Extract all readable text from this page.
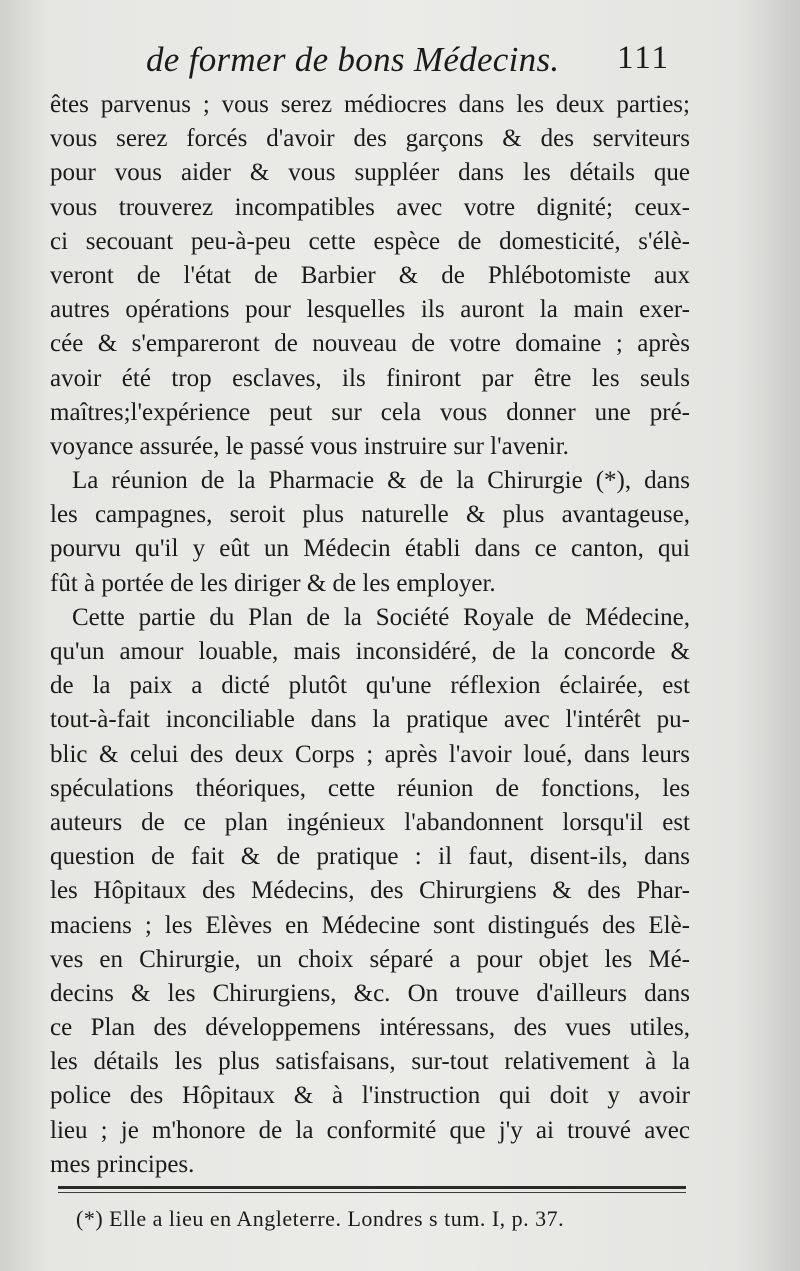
de former de bons Médecins. 111
êtes parvenus ; vous serez médiocres dans les deux parties;
vous serez forcés d'avoir des garçons & des serviteurs
pour vous aider & vous suppléer dans les détails que
vous trouverez incompatibles avec votre dignité; ceux-
ci secouant peu-à-peu cette espèce de domesticité, s'élè-
veront de l'état de Barbier & de Phlébotomiste aux
autres opérations pour lesquelles ils auront la main exer-
cée & s'empareront de nouveau de votre domaine ; après
avoir été trop esclaves, ils finiront par être les seuls
maîtres;l'expérience peut sur cela vous donner une pré-
voyance assurée, le passé vous instruire sur l'avenir.
La réunion de la Pharmacie & de la Chirurgie (*), dans
les campagnes, seroit plus naturelle & plus avantageuse,
pourvu qu'il y eût un Médecin établi dans ce canton, qui
fût à portée de les diriger & de les employer.
Cette partie du Plan de la Société Royale de Médecine,
qu'un amour louable, mais inconsidéré, de la concorde &
de la paix a dicté plutôt qu'une réflexion éclairée, est
tout-à-fait inconciliable dans la pratique avec l'intérêt pu-
blic & celui des deux Corps ; après l'avoir loué, dans leurs
spéculations théoriques, cette réunion de fonctions, les
auteurs de ce plan ingénieux l'abandonnent lorsqu'il est
question de fait & de pratique : il faut, disent-ils, dans
les Hôpitaux des Médecins, des Chirurgiens & des Phar-
maciens ; les Elèves en Médecine sont distingués des Elè-
ves en Chirurgie, un choix séparé a pour objet les Mé-
decins & les Chirurgiens, &c. On trouve d'ailleurs dans
ce Plan des développemens intéressans, des vues utiles,
les détails les plus satisfaisans, sur-tout relativement à la
police des Hôpitaux & à l'instruction qui doit y avoir
lieu ; je m'honore de la conformité que j'y ai trouvé avec
mes principes.
(*) Elle a lieu en Angleterre. Londres s tum. I, p. 37.
